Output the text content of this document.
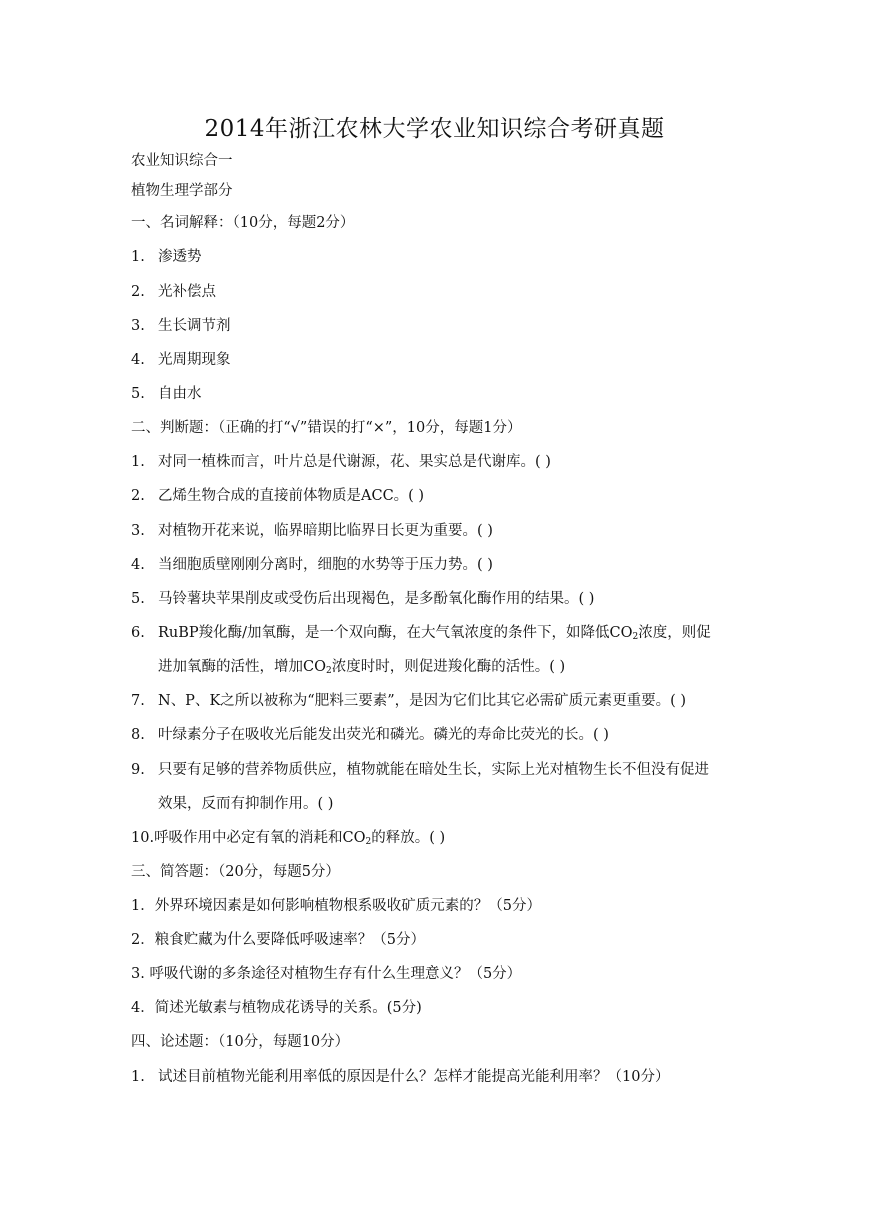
2014年浙江农林大学农业知识综合考研真题
农业知识综合一
植物生理学部分
一、名词解释：（10分，每题2分）
1. 渗透势
2. 光补偿点
3. 生长调节剂
4. 光周期现象
5. 自由水
二、判断题：（正确的打“√”错误的打“×”，10分，每题1分）
1. 对同一植株而言，叶片总是代谢源，花、果实总是代谢库。( )
2. 乙烯生物合成的直接前体物质是ACC。( )
3. 对植物开花来说，临界暗期比临界日长更为重要。( )
4. 当细胞质壁刚刚分离时，细胞的水势等于压力势。( )
5. 马铃薯块苹果削皮或受伤后出现褐色，是多酚氧化酶作用的结果。( )
6. RuBP羧化酶/加氧酶，是一个双向酶，在大气氧浓度的条件下，如降低$CO_2$浓度，则促
进加氧酶的活性，增加$CO_2$浓度时时，则促进羧化酶的活性。( )
7. N、P、K之所以被称为“肥料三要素”，是因为它们比其它必需矿质元素更重要。( )
8. 叶绿素分子在吸收光后能发出荧光和磷光。磷光的寿命比荧光的长。( )
9. 只要有足够的营养物质供应，植物就能在暗处生长，实际上光对植物生长不但没有促进
效果，反而有抑制作用。( )
10.呼吸作用中必定有氧的消耗和$CO_2$的释放。( )
三、简答题：（20分，每题5分）
1．外界环境因素是如何影响植物根系吸收矿质元素的？（5分）
2．粮食贮藏为什么要降低呼吸速率？（5分）
3. 呼吸代谢的多条途径对植物生存有什么生理意义？（5分）
4．简述光敏素与植物成花诱导的关系。(5分)
四、论述题：（10分，每题10分）
1. 试述目前植物光能利用率低的原因是什么？怎样才能提高光能利用率？（10分）
